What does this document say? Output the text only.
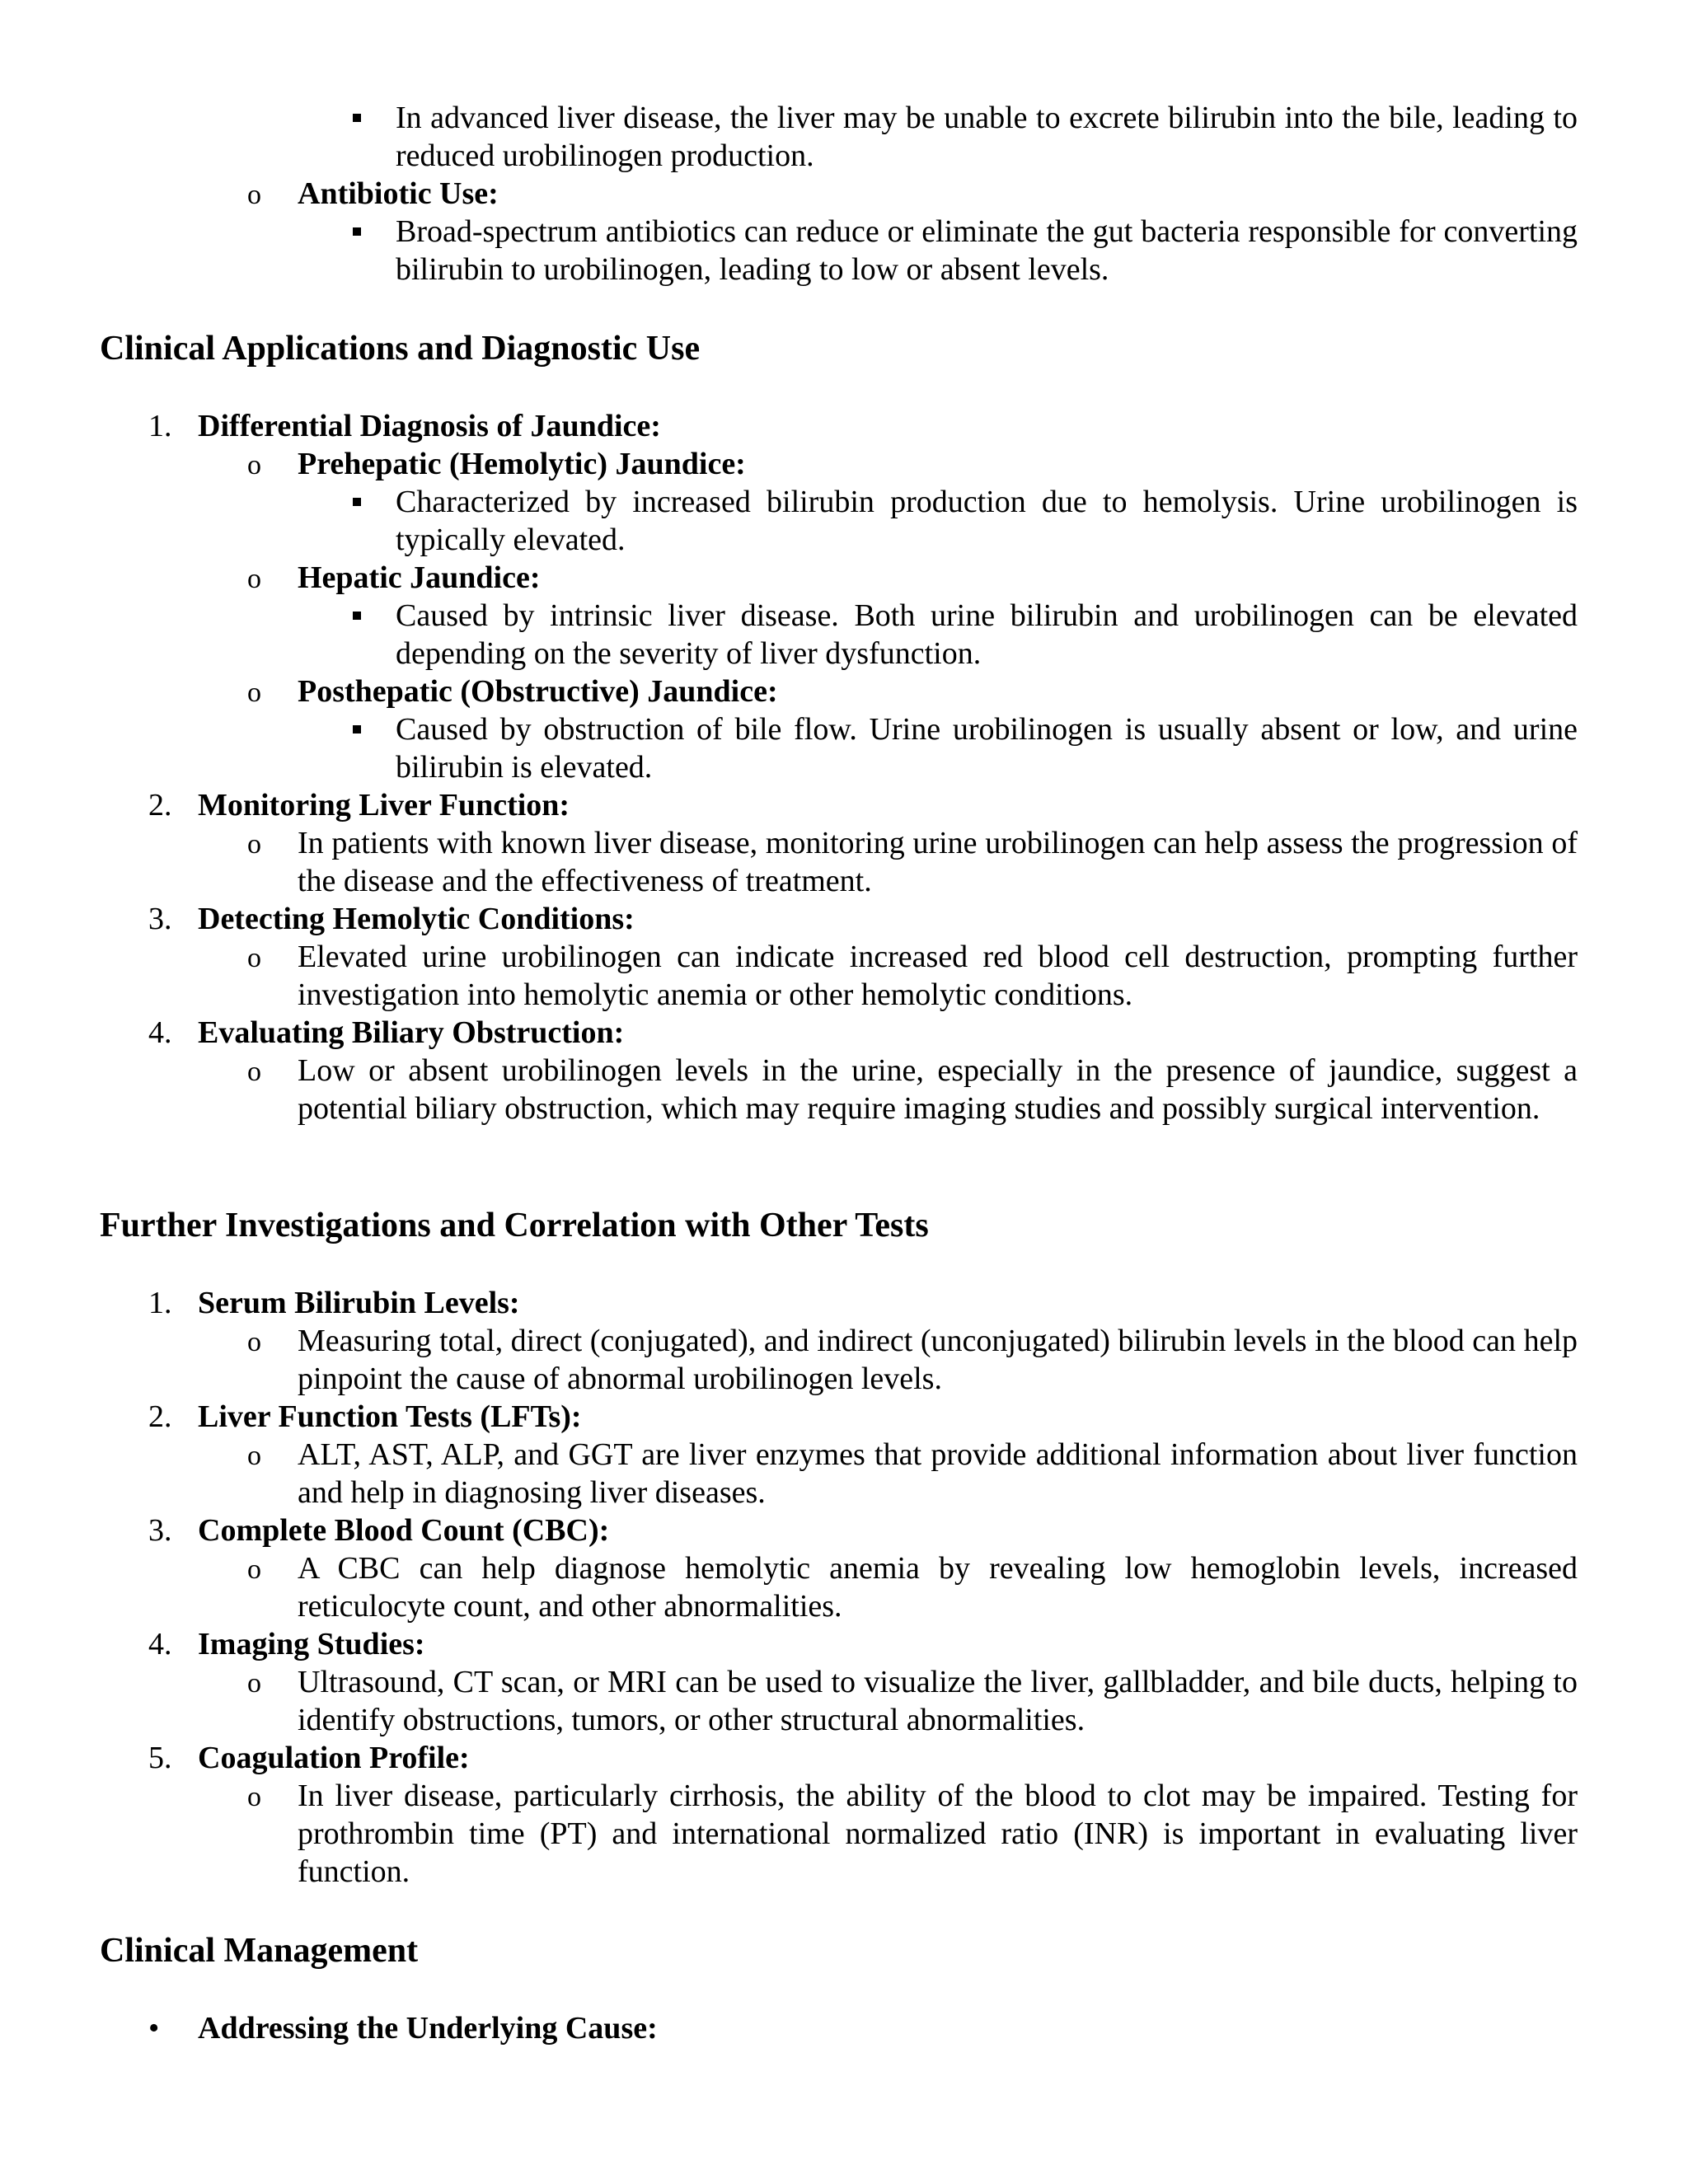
In advanced liver disease, the liver may be unable to excrete bilirubin into the bile, leading to reduced urobilinogen production.
o Antibiotic Use:
Broad-spectrum antibiotics can reduce or eliminate the gut bacteria responsible for converting bilirubin to urobilinogen, leading to low or absent levels.
Clinical Applications and Diagnostic Use
1. Differential Diagnosis of Jaundice:
o Prehepatic (Hemolytic) Jaundice:
Characterized by increased bilirubin production due to hemolysis. Urine urobilinogen is typically elevated.
o Hepatic Jaundice:
Caused by intrinsic liver disease. Both urine bilirubin and urobilinogen can be elevated depending on the severity of liver dysfunction.
o Posthepatic (Obstructive) Jaundice:
Caused by obstruction of bile flow. Urine urobilinogen is usually absent or low, and urine bilirubin is elevated.
2. Monitoring Liver Function:
o In patients with known liver disease, monitoring urine urobilinogen can help assess the progression of the disease and the effectiveness of treatment.
3. Detecting Hemolytic Conditions:
o Elevated urine urobilinogen can indicate increased red blood cell destruction, prompting further investigation into hemolytic anemia or other hemolytic conditions.
4. Evaluating Biliary Obstruction:
o Low or absent urobilinogen levels in the urine, especially in the presence of jaundice, suggest a potential biliary obstruction, which may require imaging studies and possibly surgical intervention.
Further Investigations and Correlation with Other Tests
1. Serum Bilirubin Levels:
o Measuring total, direct (conjugated), and indirect (unconjugated) bilirubin levels in the blood can help pinpoint the cause of abnormal urobilinogen levels.
2. Liver Function Tests (LFTs):
o ALT, AST, ALP, and GGT are liver enzymes that provide additional information about liver function and help in diagnosing liver diseases.
3. Complete Blood Count (CBC):
o A CBC can help diagnose hemolytic anemia by revealing low hemoglobin levels, increased reticulocyte count, and other abnormalities.
4. Imaging Studies:
o Ultrasound, CT scan, or MRI can be used to visualize the liver, gallbladder, and bile ducts, helping to identify obstructions, tumors, or other structural abnormalities.
5. Coagulation Profile:
o In liver disease, particularly cirrhosis, the ability of the blood to clot may be impaired. Testing for prothrombin time (PT) and international normalized ratio (INR) is important in evaluating liver function.
Clinical Management
• Addressing the Underlying Cause:
